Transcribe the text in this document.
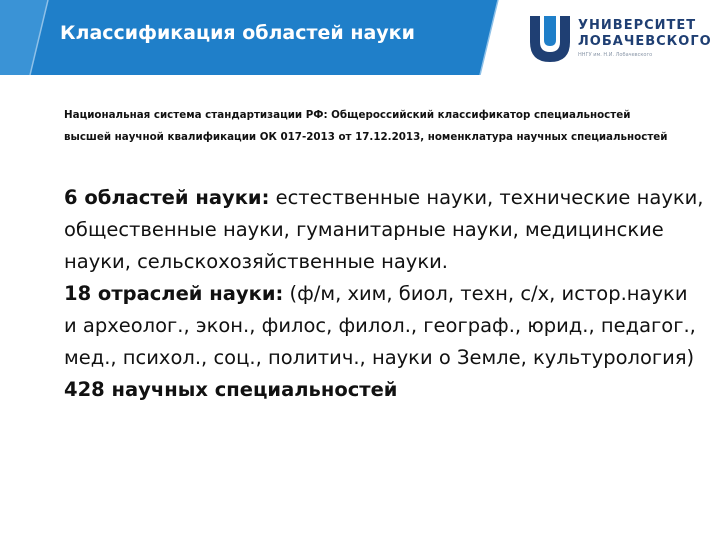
Классификация областей науки	УНИВЕРСИТЕТ
ЛОБАЧЕВСКОГО
ННГУ им. Н.И. Лобачевского
Национальная система стандартизации РФ: Общероссийский классификатор специальностей
высшей научной квалификации ОК 017-2013 от 17.12.2013, номенклатура научных специальностей

6 областей науки: естественные науки, технические науки, общественные науки, гуманитарные науки, медицинские науки, сельскохозяйственные науки.

18 отраслей науки: (ф/м, хим, биол, техн, с/х, истор.науки и археолог., экон., филос, филол., географ., юрид., педагог., мед., психол., соц., политич., науки о Земле, культурология)

428 научных специальностей
